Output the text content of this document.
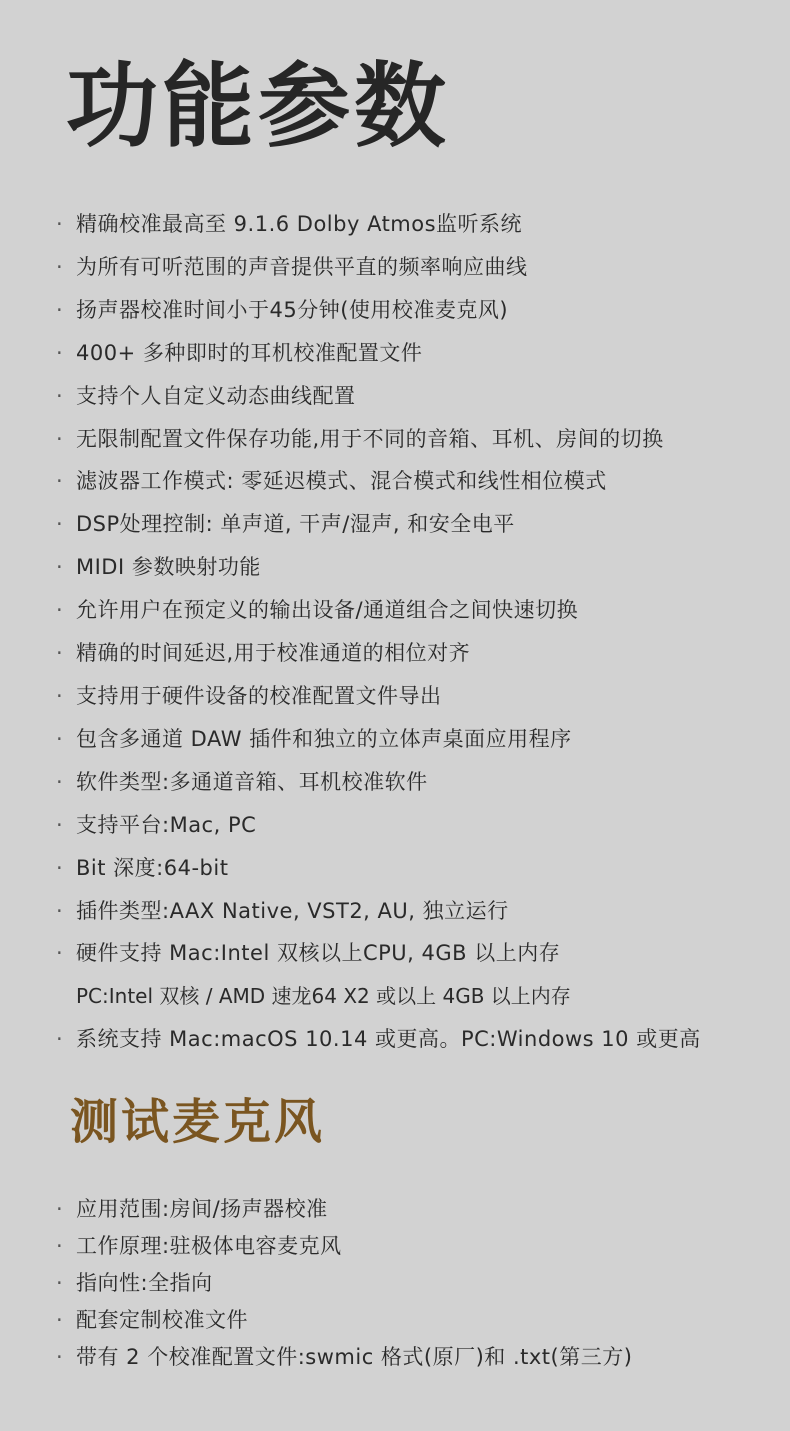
功能参数
· 精确校准最高至 9.1.6 Dolby Atmos监听系统
· 为所有可听范围的声音提供平直的频率响应曲线
· 扬声器校准时间小于45分钟(使用校准麦克风)
· 400+ 多种即时的耳机校准配置文件
· 支持个人自定义动态曲线配置
· 无限制配置文件保存功能,用于不同的音箱、耳机、房间的切换
· 滤波器工作模式: 零延迟模式、混合模式和线性相位模式
· DSP处理控制: 单声道, 干声/湿声, 和安全电平
· MIDI 参数映射功能
· 允许用户在预定义的输出设备/通道组合之间快速切换
· 精确的时间延迟,用于校准通道的相位对齐
· 支持用于硬件设备的校准配置文件导出
· 包含多通道 DAW 插件和独立的立体声桌面应用程序
· 软件类型:多通道音箱、耳机校准软件
· 支持平台:Mac, PC
· Bit 深度:64-bit
· 插件类型:AAX Native, VST2, AU, 独立运行
· 硬件支持 Mac:Intel 双核以上CPU, 4GB 以上内存
PC:Intel 双核 / AMD 速龙64 X2 或以上 4GB 以上内存
· 系统支持 Mac:macOS 10.14 或更高。PC:Windows 10 或更高
测试麦克风
· 应用范围:房间/扬声器校准
· 工作原理:驻极体电容麦克风
· 指向性:全指向
· 配套定制校准文件
· 带有 2 个校准配置文件:swmic 格式(原厂)和 .txt(第三方)
